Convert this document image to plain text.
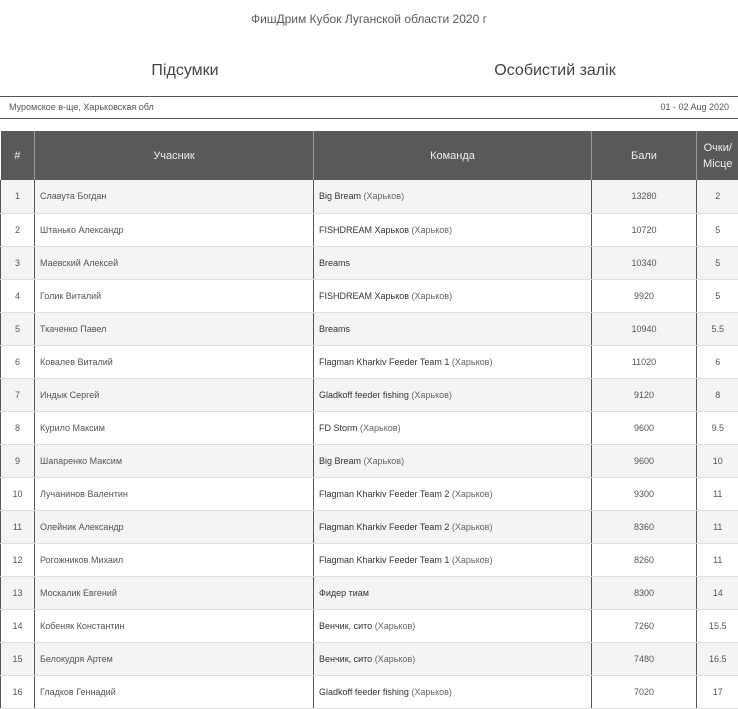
ФишДрим Кубок Луганской области 2020 г
Підсумки	Особистий залік
Муромское в-ще, Харьковская обл	01 - 02 Aug 2020
#	Учасник	Команда	Бали	Очки/
Місце
1	Славута Богдан	Big Bream (Харьков)	13280	2
2	Штанько Александр	FISHDREAM Харьков (Харьков)	10720	5
3	Маевский Алексей	Breams	10340	5
4	Голик Виталий	FISHDREAM Харьков (Харьков)	9920	5
5	Ткаченко Павел	Breams	10940	5.5
6	Ковалев Виталий	Flagman Kharkiv Feeder Team 1 (Харьков)	11020	6
7	Индык Сергей	Gladkoff feeder fishing (Харьков)	9120	8
8	Курило Максим	FD Storm (Харьков)	9600	9.5
9	Шапаренко Максим	Big Bream (Харьков)	9600	10
10	Лучанинов Валентин	Flagman Kharkiv Feeder Team 2 (Харьков)	9300	11
11	Олейник Александр	Flagman Kharkiv Feeder Team 2 (Харьков)	8360	11
12	Рогожников Михаил	Flagman Kharkiv Feeder Team 1 (Харьков)	8260	11
13	Москалик Евгений	Фидер тиам	8300	14
14	Кобеняк Константин	Венчик, сито (Харьков)	7260	15.5
15	Белокудря Артем	Венчик, сито (Харьков)	7480	16.5
16	Гладков Геннадий	Gladkoff feeder fishing (Харьков)	7020	17
